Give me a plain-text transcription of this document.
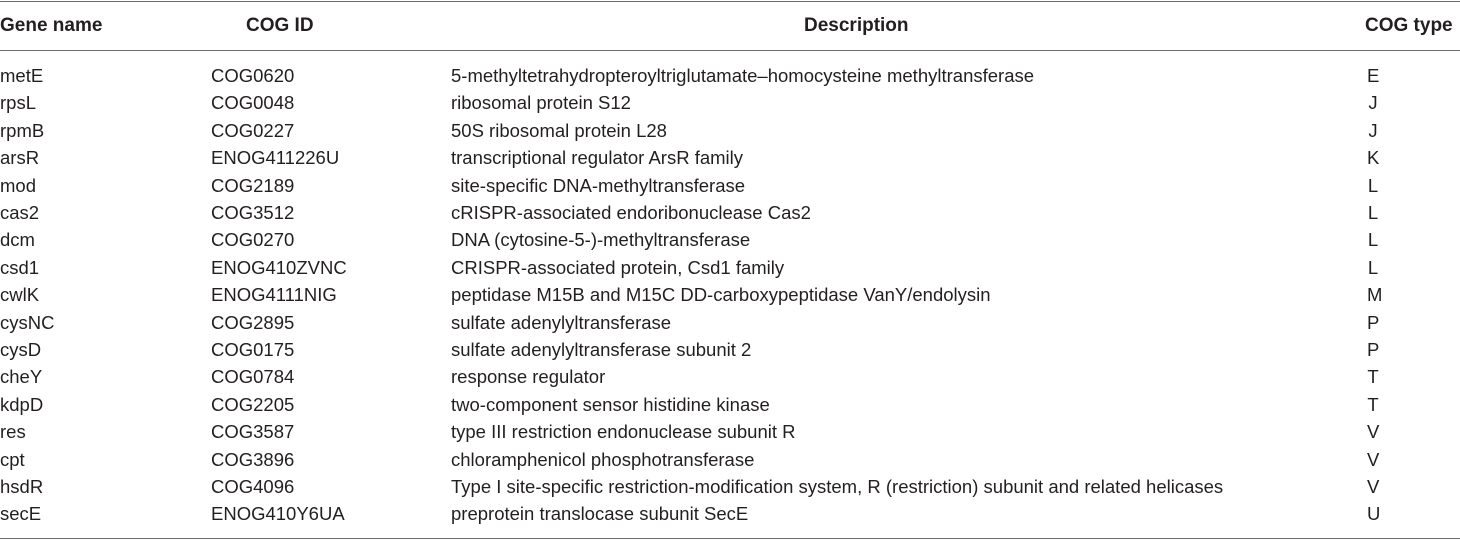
Gene name	COG ID	Description	COG type
metE	COG0620	5-methyltetrahydropteroyltriglutamate–homocysteine methyltransferase	E
rpsL	COG0048	ribosomal protein S12	J
rpmB	COG0227	50S ribosomal protein L28	J
arsR	ENOG411226U	transcriptional regulator ArsR family	K
mod	COG2189	site-specific DNA-methyltransferase	L
cas2	COG3512	cRISPR-associated endoribonuclease Cas2	L
dcm	COG0270	DNA (cytosine-5-)-methyltransferase	L
csd1	ENOG410ZVNC	CRISPR-associated protein, Csd1 family	L
cwlK	ENOG4111NIG	peptidase M15B and M15C DD-carboxypeptidase VanY/endolysin	M
cysNC	COG2895	sulfate adenylyltransferase	P
cysD	COG0175	sulfate adenylyltransferase subunit 2	P
cheY	COG0784	response regulator	T
kdpD	COG2205	two-component sensor histidine kinase	T
res	COG3587	type III restriction endonuclease subunit R	V
cpt	COG3896	chloramphenicol phosphotransferase	V
hsdR	COG4096	Type I site-specific restriction-modification system, R (restriction) subunit and related helicases	V
secE	ENOG410Y6UA	preprotein translocase subunit SecE	U
